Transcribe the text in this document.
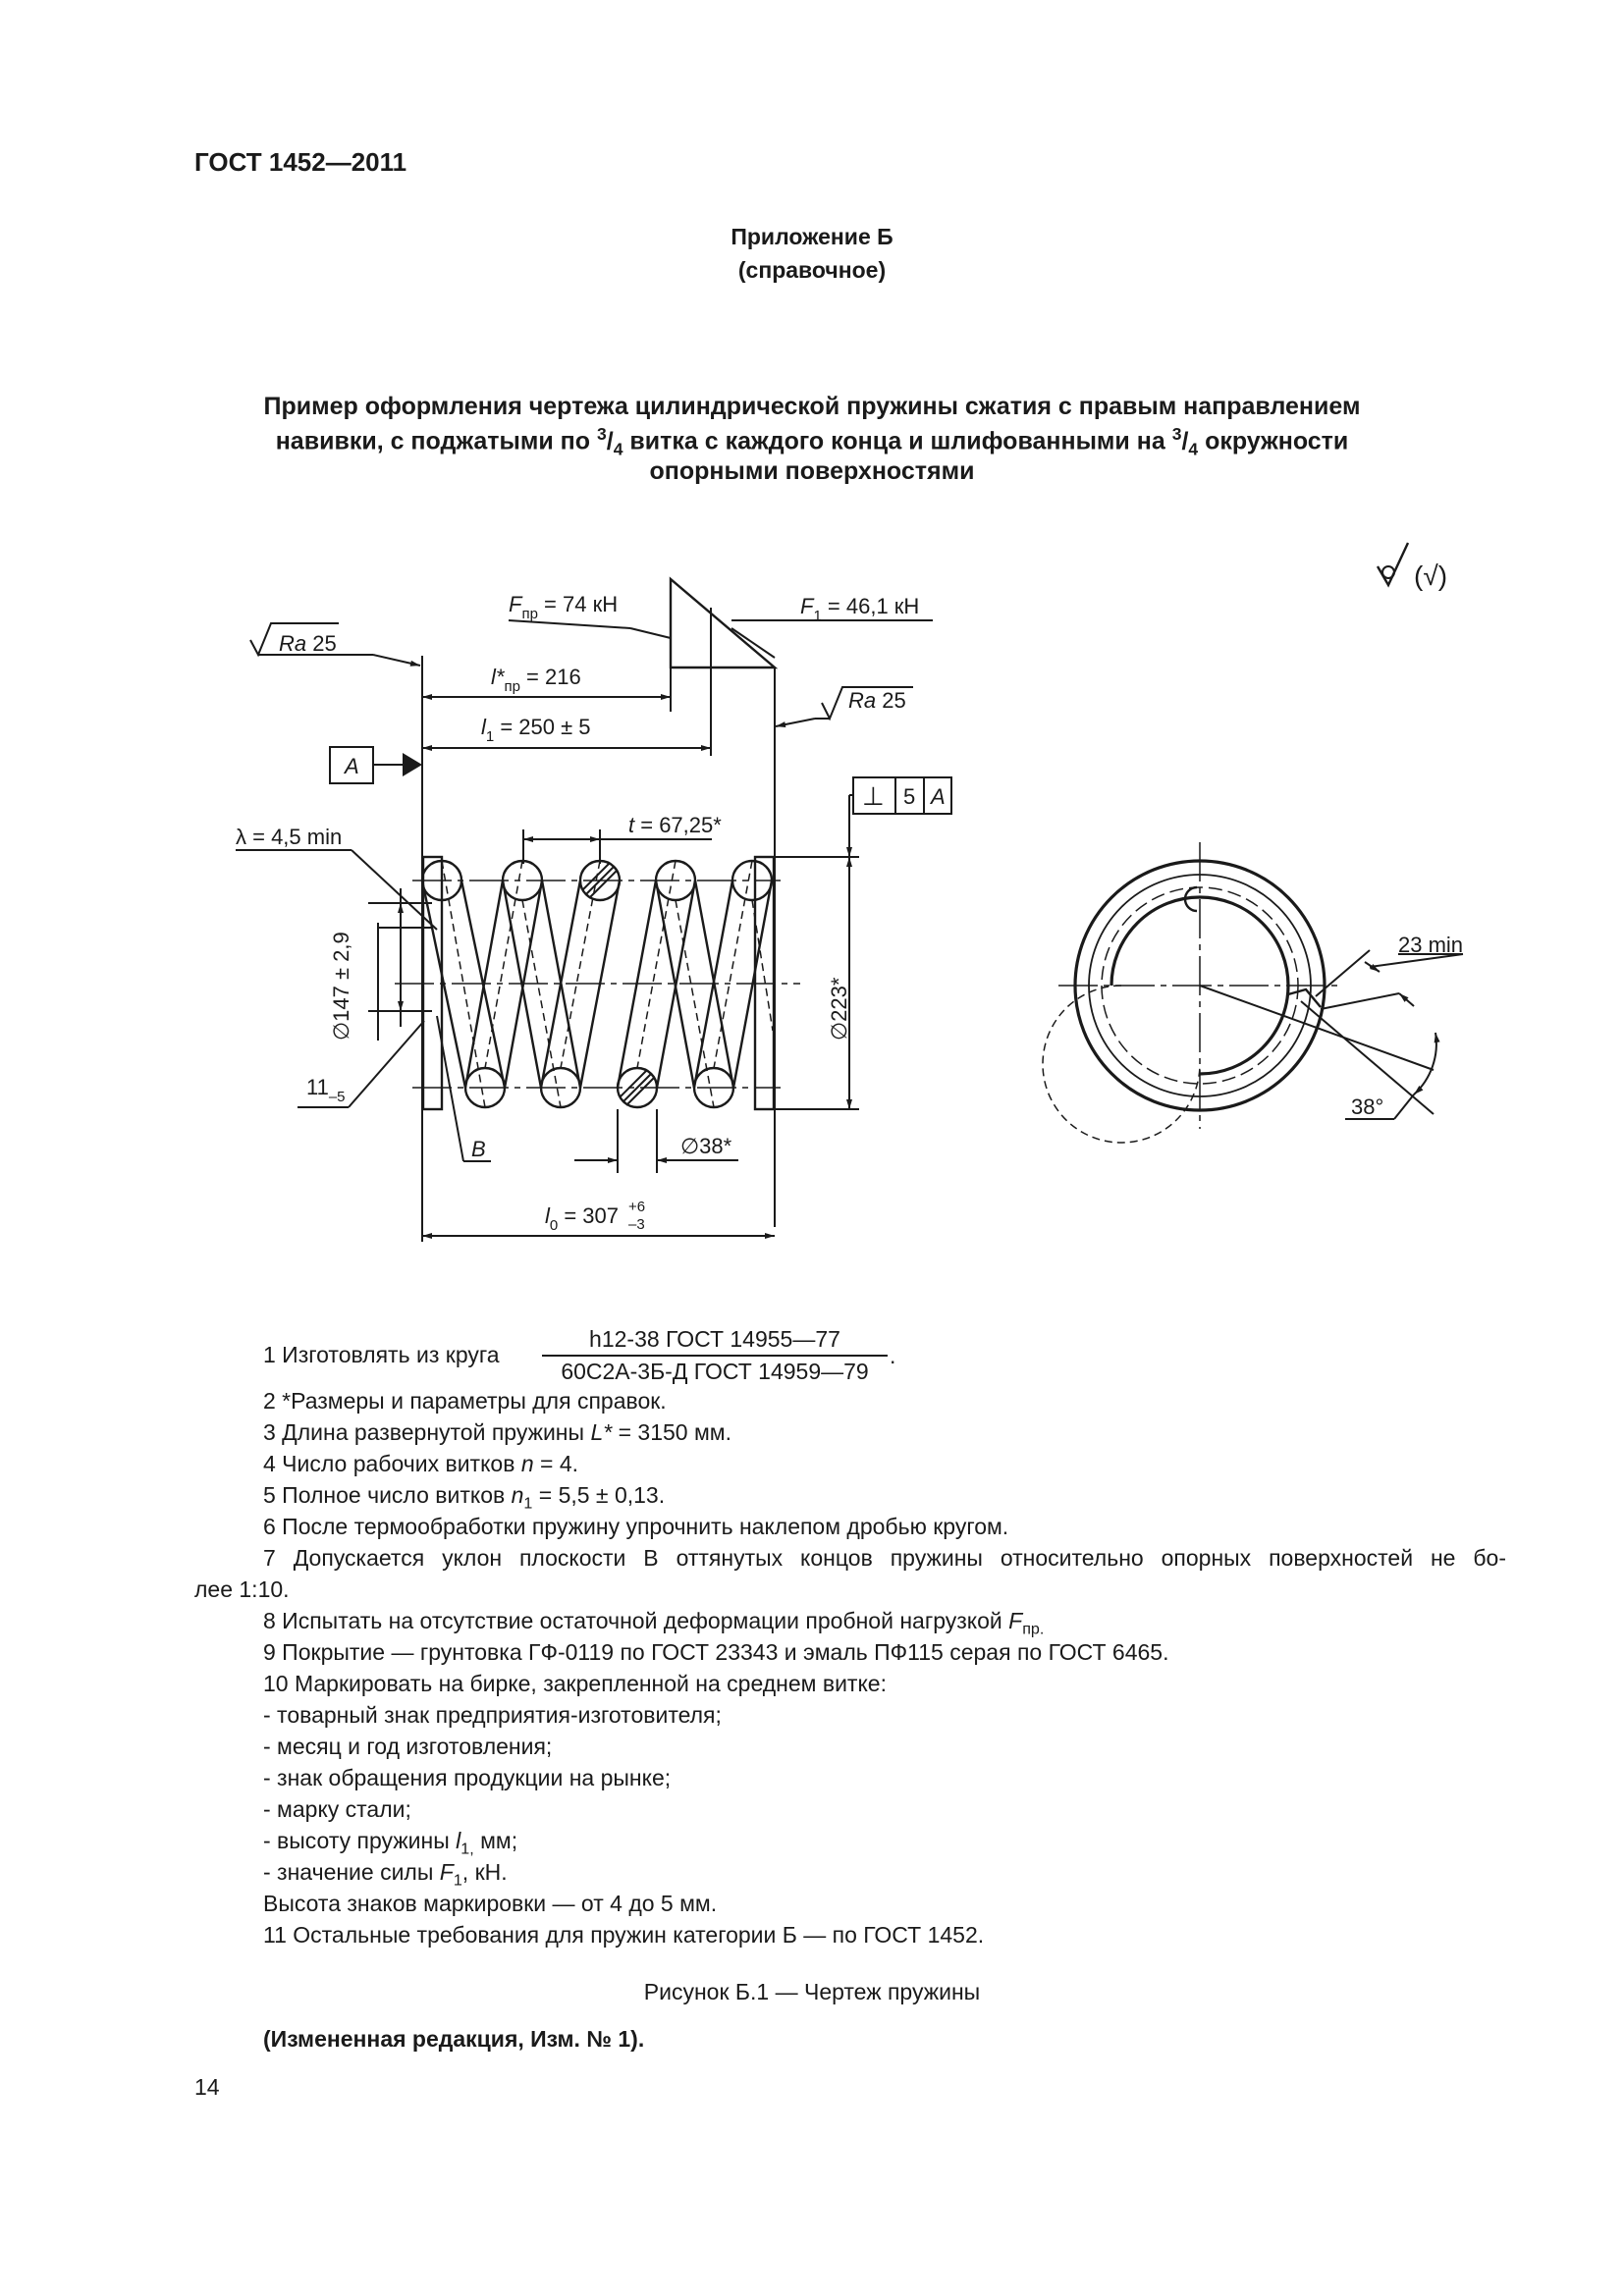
ГОСТ 1452—2011
Приложение Б
(справочное)
Пример оформления чертежа цилиндрической пружины сжатия с правым направлением
навивки, с поджатыми по $^3/_4$ витка с каждого конца и шлифованными на $^3/_4$ окружности
опорными поверхностями
(√)
$F_{пр} = 74$ кН	$F_1 = 46,1$ кН
Ra 25
Ra 25
$l*_{пр} = 216$
$l_1 = 250 \pm 5$
A
⊥ 5 A
∅223*
t = 67,25*
λ = 4,5 min
∅147 ± 2,9
$11_{-5}$
B	∅38*
$l_0 = 307 +6$
–3
23 min
38°
1 Изготовлять из круга
h12-38 ГОСТ 14955—77
60С2А-3Б-Д ГОСТ 14959—79
.
2 *Размеры и параметры для справок.
3 Длина развернутой пружины L* = 3150 мм.
4 Число рабочих витков n = 4.
5 Полное число витков $n_1 = 5,5 \pm 0,13$.
6 После термообработки пружину упрочнить наклепом дробью кругом.
7 Допускается уклон плоскости В оттянутых концов пружины относительно опорных поверхностей не бо-
лее 1:10.
8 Испытать на отсутствие остаточной деформации пробной нагрузкой $F_{пр.}$
9 Покрытие — грунтовка ГФ-0119 по ГОСТ 23343 и эмаль ПФ115 серая по ГОСТ 6465.
10 Маркировать на бирке, закрепленной на среднем витке:
- товарный знак предприятия-изготовителя;
- месяц и год изготовления;
- знак обращения продукции на рынке;
- марку стали;
- высоту пружины $l_{1,}$ мм;
- значение силы $F_1$, кН.
Высота знаков маркировки — от 4 до 5 мм.
11 Остальные требования для пружин категории Б — по ГОСТ 1452.
Рисунок Б.1 — Чертеж пружины
(Измененная редакция, Изм. № 1).
14
